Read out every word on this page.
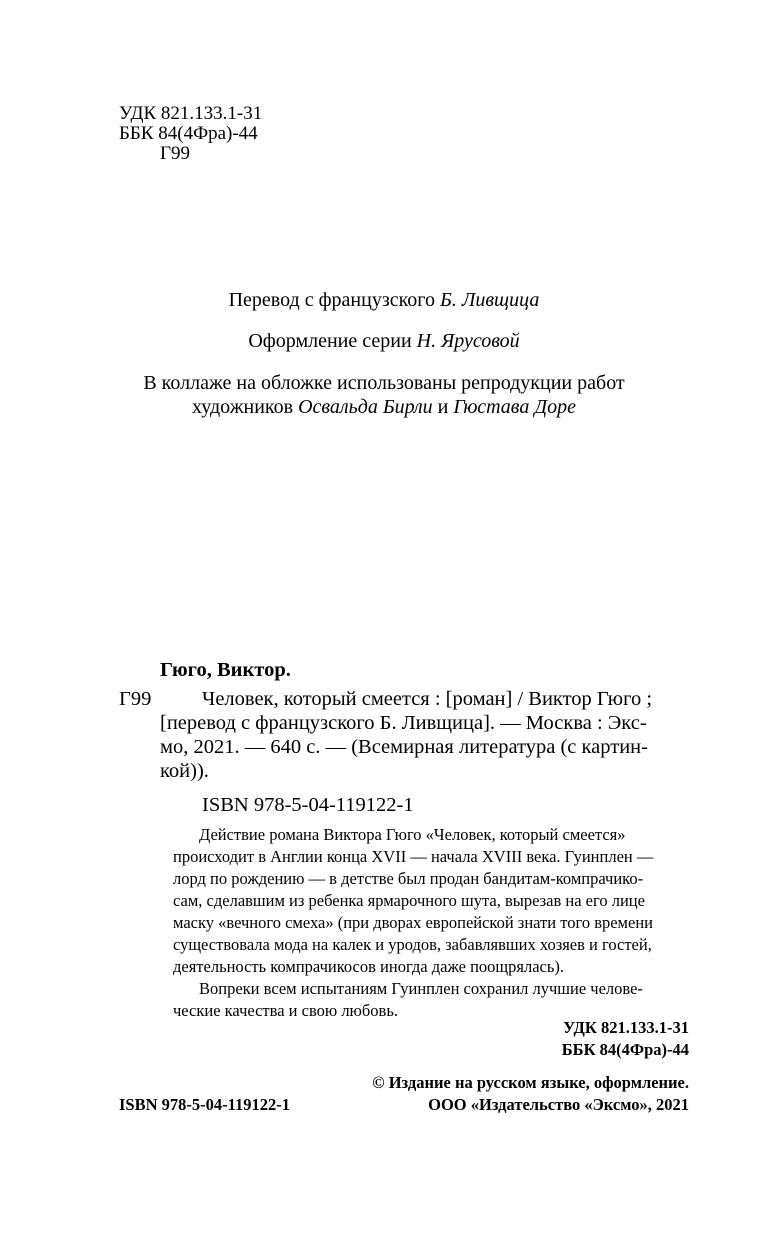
УДК 821.133.1-31
ББК 84(4Фра)-44
Г99
Перевод с французского Б. Ливщица
Оформление серии Н. Ярусовой
В коллаже на обложке использованы репродукции работ
художников Освальда Бирли и Гюстава Доре
Гюго, Виктор.
Г99 Человек, который смеется : [роман] / Виктор Гюго ;
[перевод с французского Б. Ливщица]. — Москва : Экс-
мо, 2021. — 640 с. — (Всемирная литература (с картин-
кой)).
ISBN 978-5-04-119122-1
Действие романа Виктора Гюго «Человек, который смеется»
происходит в Англии конца XVII — начала XVIII века. Гуинплен —
лорд по рождению — в детстве был продан бандитам-компрачико-
сам, сделавшим из ребенка ярмарочного шута, вырезав на его лице
маску «вечного смеха» (при дворах европейской знати того времени
существовала мода на калек и уродов, забавлявших хозяев и гостей,
деятельность компрачикосов иногда даже поощрялась).
Вопреки всем испытаниям Гуинплен сохранил лучшие челове-
ческие качества и свою любовь.
УДК 821.133.1-31
ББК 84(4Фра)-44
© Издание на русском языке, оформление.
ISBN 978-5-04-119122-1	ООО «Издательство «Эксмо», 2021
